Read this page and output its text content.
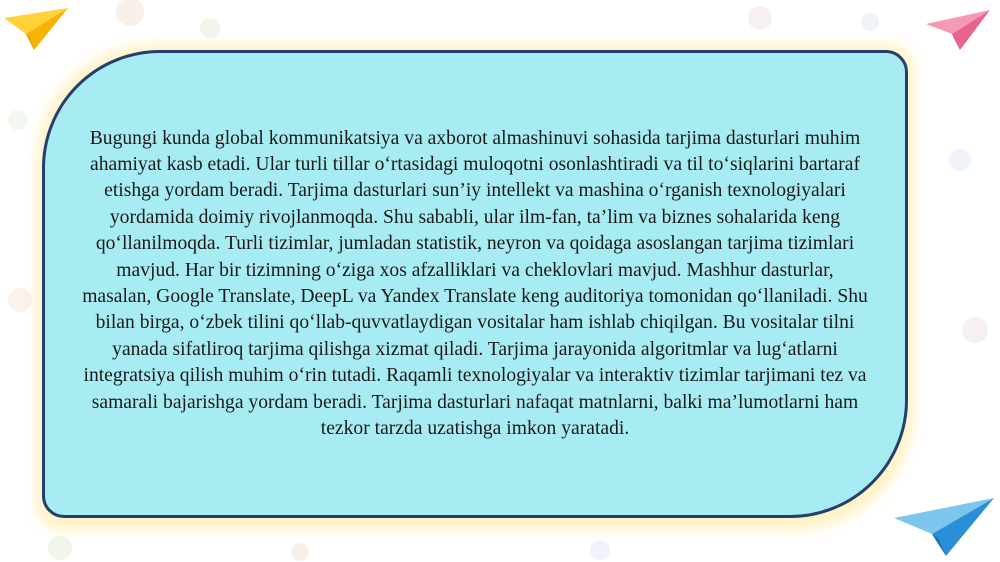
Bugungi kunda global kommunikatsiya va axborot almashinuvi sohasida tarjima dasturlari muhim ahamiyat kasb etadi. Ular turli tillar o‘rtasidagi muloqotni osonlashtiradi va til to‘siqlarini bartaraf etishga yordam beradi. Tarjima dasturlari sun’iy intellekt va mashina o‘rganish texnologiyalari yordamida doimiy rivojlanmoqda. Shu sababli, ular ilm-fan, ta’lim va biznes sohalarida keng qo‘llanilmoqda. Turli tizimlar, jumladan statistik, neyron va qoidaga asoslangan tarjima tizimlari mavjud. Har bir tizimning o‘ziga xos afzalliklari va cheklovlari mavjud. Mashhur dasturlar, masalan, Google Translate, DeepL va Yandex Translate keng auditoriya tomonidan qo‘llaniladi. Shu bilan birga, o‘zbek tilini qo‘llab-quvvatlaydigan vositalar ham ishlab chiqilgan. Bu vositalar tilni yanada sifatliroq tarjima qilishga xizmat qiladi. Tarjima jarayonida algoritmlar va lug‘atlarni integratsiya qilish muhim o‘rin tutadi. Raqamli texnologiyalar va interaktiv tizimlar tarjimani tez va samarali bajarishga yordam beradi. Tarjima dasturlari nafaqat matnlarni, balki ma’lumotlarni ham tezkor tarzda uzatishga imkon yaratadi.
